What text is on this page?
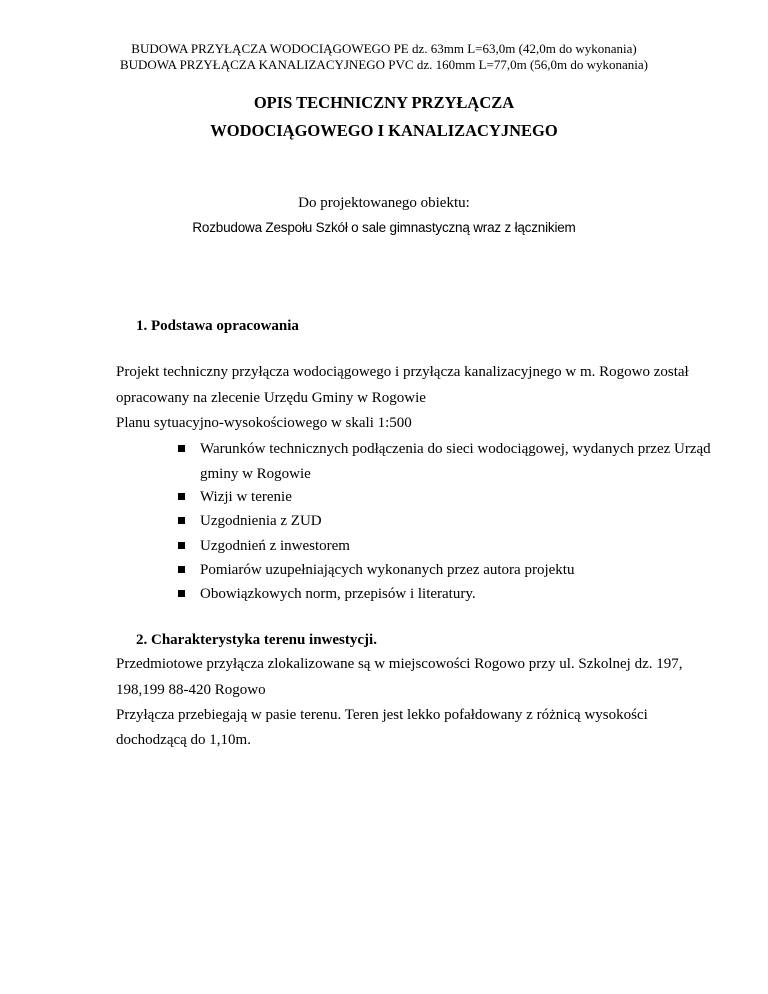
BUDOWA PRZYŁĄCZA WODOCIĄGOWEGO PE dz. 63mm L=63,0m (42,0m do wykonania)
BUDOWA PRZYŁĄCZA KANALIZACYJNEGO PVC dz. 160mm L=77,0m (56,0m do wykonania)
OPIS TECHNICZNY PRZYŁĄCZA
WODOCIĄGOWEGO I KANALIZACYJNEGO
Do projektowanego obiektu:
Rozbudowa Zespołu Szkół o sale gimnastyczną wraz z łącznikiem
1. Podstawa opracowania
Projekt techniczny przyłącza wodociągowego i przyłącza kanalizacyjnego w m. Rogowo został
opracowany na zlecenie Urzędu Gminy w Rogowie
Planu sytuacyjno-wysokościowego w skali 1:500
Warunków technicznych podłączenia do sieci wodociągowej, wydanych przez Urząd
gminy w Rogowie
Wizji w terenie
Uzgodnienia z ZUD
Uzgodnień z inwestorem
Pomiarów uzupełniających wykonanych przez autora projektu
Obowiązkowych norm, przepisów i literatury.
2. Charakterystyka terenu inwestycji.
Przedmiotowe przyłącza zlokalizowane są w miejscowości Rogowo przy ul. Szkolnej dz. 197,
198,199 88-420 Rogowo
Przyłącza przebiegają w pasie terenu. Teren jest lekko pofałdowany z różnicą wysokości
dochodzącą do 1,10m.
